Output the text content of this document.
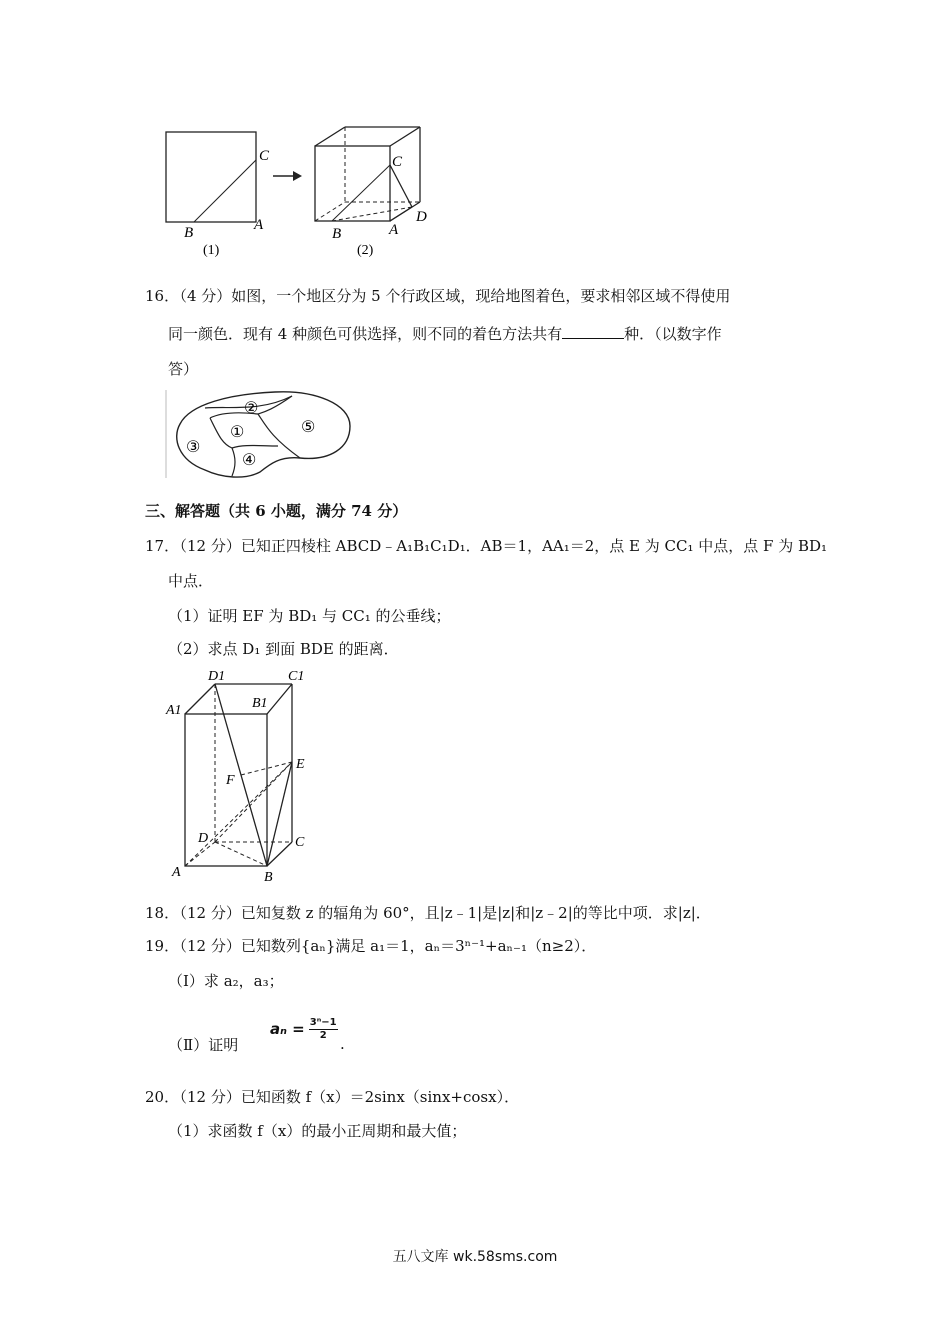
C
B	A
(1)
C
B	A
D
(2)
16．
（4 分）如图，一个地区分为 5 个行政区域，现给地图着色，要求相邻区域不得使用
同一颜色．现有 4 种颜色可供选择，则不同的着色方法共有	种．（以数字作
答）
②
①
③
⑤
④
三、解答题（共 6 小题，满分 74 分）
17．
（12 分）已知正四棱柱 ABCD﹣A₁B₁C₁D₁．AB＝1，AA₁＝2，点 E 为 CC₁ 中点，点 F 为 BD₁
中点．
（1）证明 EF 为 BD₁ 与 CC₁ 的公垂线；
（2）求点 D₁ 到面 BDE 的距离．
D1	C1
A1	B1
E
F
D	C
A	B
18．
（12 分）已知复数 z 的辐角为 60°，且|z﹣1|是|z|和|z﹣2|的等比中项．求|z|．
19．
（12 分）已知数列{aₙ}满足 a₁＝1，aₙ＝3ⁿ⁻¹+aₙ₋₁（n≥2）．
（Ⅰ）求 a₂，a₃；
（Ⅱ）证明
$a_n = \frac{\text{3ⁿ−1}}{2}$
.
20．
（12 分）已知函数 f（x）＝2sinx（sinx+cosx）．
（1）求函数 f（x）的最小正周期和最大值；
五八文库 wk.58sms.com
